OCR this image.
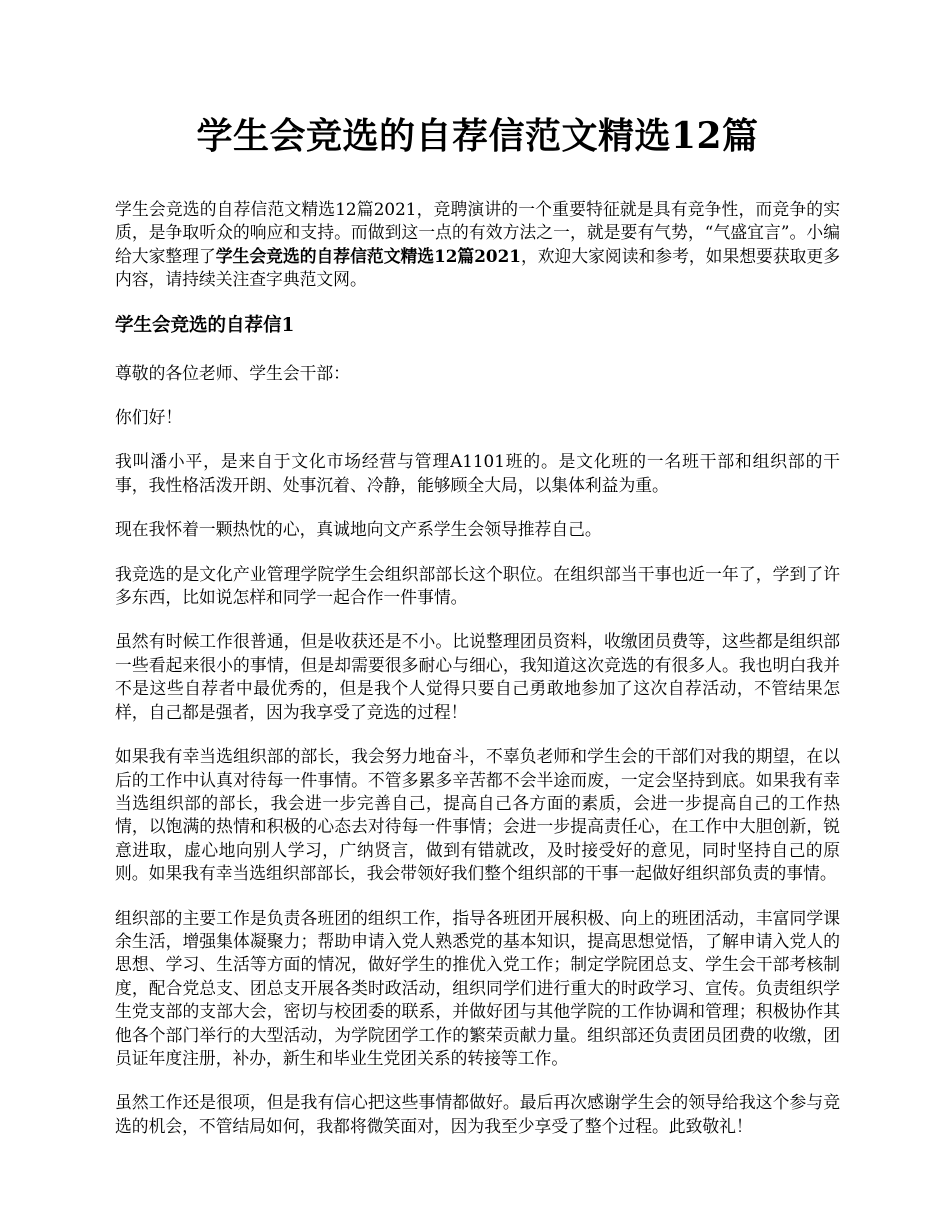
学生会竞选的自荐信范文精选12篇

学生会竞选的自荐信范文精选12篇2021，竞聘演讲的一个重要特征就是具有竞争性，而竞争的实质，是争取听众的响应和支持。而做到这一点的有效方法之一，就是要有气势，“气盛宜言”。小编给大家整理了学生会竞选的自荐信范文精选12篇2021，欢迎大家阅读和参考，如果想要获取更多内容，请持续关注查字典范文网。

学生会竞选的自荐信1

尊敬的各位老师、学生会干部：

你们好！

我叫潘小平，是来自于文化市场经营与管理A1101班的。是文化班的一名班干部和组织部的干事，我性格活泼开朗、处事沉着、冷静，能够顾全大局，以集体利益为重。

现在我怀着一颗热忱的心，真诚地向文产系学生会领导推荐自己。

我竞选的是文化产业管理学院学生会组织部部长这个职位。在组织部当干事也近一年了，学到了许多东西，比如说怎样和同学一起合作一件事情。

虽然有时候工作很普通，但是收获还是不小。比说整理团员资料，收缴团员费等，这些都是组织部一些看起来很小的事情，但是却需要很多耐心与细心，我知道这次竞选的有很多人。我也明白我并不是这些自荐者中最优秀的，但是我个人觉得只要自己勇敢地参加了这次自荐活动，不管结果怎样，自己都是强者，因为我享受了竞选的过程！

如果我有幸当选组织部的部长，我会努力地奋斗，不辜负老师和学生会的干部们对我的期望，在以后的工作中认真对待每一件事情。不管多累多辛苦都不会半途而废，一定会坚持到底。如果我有幸当选组织部的部长，我会进一步完善自己，提高自己各方面的素质，会进一步提高自己的工作热情，以饱满的热情和积极的心态去对待每一件事情；会进一步提高责任心，在工作中大胆创新，锐意进取，虚心地向别人学习，广纳贤言，做到有错就改，及时接受好的意见，同时坚持自己的原则。如果我有幸当选组织部部长，我会带领好我们整个组织部的干事一起做好组织部负责的事情。

组织部的主要工作是负责各班团的组织工作，指导各班团开展积极、向上的班团活动，丰富同学课余生活，增强集体凝聚力；帮助申请入党人熟悉党的基本知识，提高思想觉悟，了解申请入党人的思想、学习、生活等方面的情况，做好学生的推优入党工作；制定学院团总支、学生会干部考核制度，配合党总支、团总支开展各类时政活动，组织同学们进行重大的时政学习、宣传。负责组织学生党支部的支部大会，密切与校团委的联系，并做好团与其他学院的工作协调和管理；积极协作其他各个部门举行的大型活动，为学院团学工作的繁荣贡献力量。组织部还负责团员团费的收缴，团员证年度注册，补办，新生和毕业生党团关系的转接等工作。

虽然工作还是很项，但是我有信心把这些事情都做好。最后再次感谢学生会的领导给我这个参与竞选的机会，不管结局如何，我都将微笑面对，因为我至少享受了整个过程。此致敬礼！
